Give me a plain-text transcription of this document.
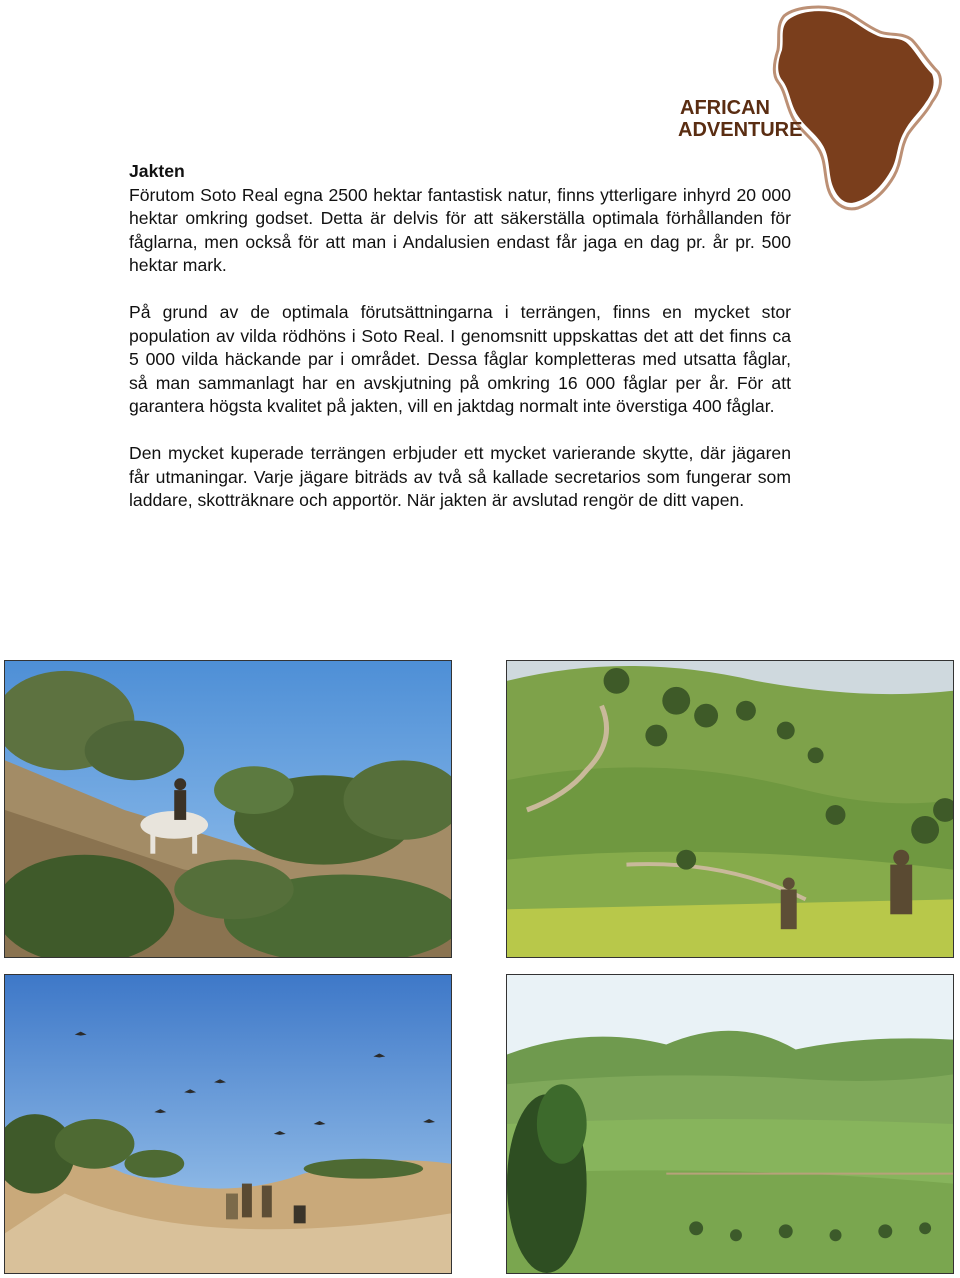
AFRICAN
ADVENTURE

Jakten

Förutom Soto Real egna 2500 hektar fantastisk natur, finns ytterligare inhyrd 20 000 hektar omkring godset. Detta är delvis för att säkerställa optimala förhållanden för fåglarna, men också för att man i Andalusien endast får jaga en dag pr. år pr. 500 hektar mark.

På grund av de optimala förutsättningarna i terrängen, finns en mycket stor population av vilda rödhöns i Soto Real. I genomsnitt uppskattas det att det finns ca 5 000 vilda häckande par i området. Dessa fåglar kompletteras med utsatta fåglar, så man sammanlagt har en avskjutning på omkring 16 000 fåglar per år. För att garantera högsta kvalitet på jakten, vill en jaktdag normalt inte överstiga 400 fåglar.

Den mycket kuperade terrängen erbjuder ett mycket varierande skytte, där jägaren får utmaningar. Varje jägare biträds av två så kallade secretarios som fungerar som laddare, skotträknare och apportör. När jakten är avslutad rengör de ditt vapen.
